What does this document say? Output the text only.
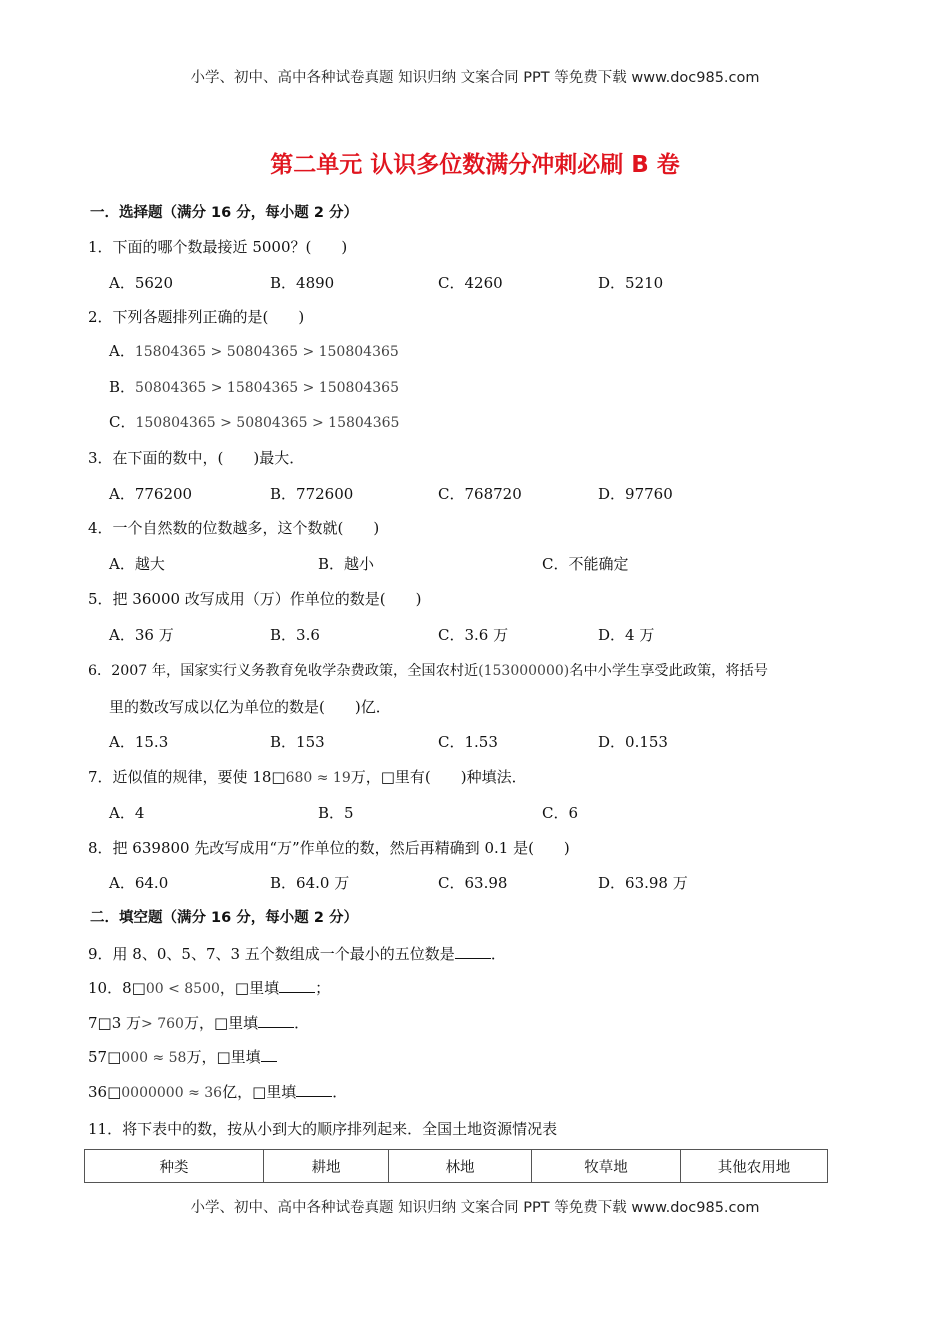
小学、初中、高中各种试卷真题 知识归纳 文案合同 PPT 等免费下载 www.doc985.com
第二单元 认识多位数满分冲刺必刷 B 卷
一．选择题（满分 16 分，每小题 2 分）
1．下面的哪个数最接近 5000？(　　)
A．5620	B．4890	C．4260	D．5210
2．下列各题排列正确的是(　　)
A．15804365 > 50804365 > 150804365
B．50804365 > 15804365 > 150804365
C．150804365 > 50804365 > 15804365
3．在下面的数中，(　　)最大．
A．776200	B．772600	C．768720	D．97760
4．一个自然数的位数越多，这个数就(　　)
A．越大	B．越小	C．不能确定
5．把 36000 改写成用（万）作单位的数是(　　)
A．36 万	B．3.6	C．3.6 万	D．4 万
6．2007 年，国家实行义务教育免收学杂费政策，全国农村近(153000000)名中小学生享受此政策，将括号
里的数改写成以亿为单位的数是(　　)亿．
A．15.3	B．153	C．1.53	D．0.153
7．近似值的规律，要使 18□680 ≈ 19万，□里有(　　)种填法．
A．4	B．5	C．6
8．把 639800 先改写成用“万”作单位的数，然后再精确到 0.1 是(　　)
A．64.0	B．64.0 万	C．63.98	D．63.98 万
二．填空题（满分 16 分，每小题 2 分）
9．用 8、0、5、7、3 五个数组成一个最小的五位数是 ．
10．8□00 < 8500，□里填 ；
7□3 万> 760万，□里填 ．
57□000 ≈ 58万，□里填
36□0000000 ≈ 36亿，□里填 ．
11．将下表中的数，按从小到大的顺序排列起来．全国土地资源情况表
种类	耕地	林地	牧草地	其他农用地
小学、初中、高中各种试卷真题 知识归纳 文案合同 PPT 等免费下载 www.doc985.com
